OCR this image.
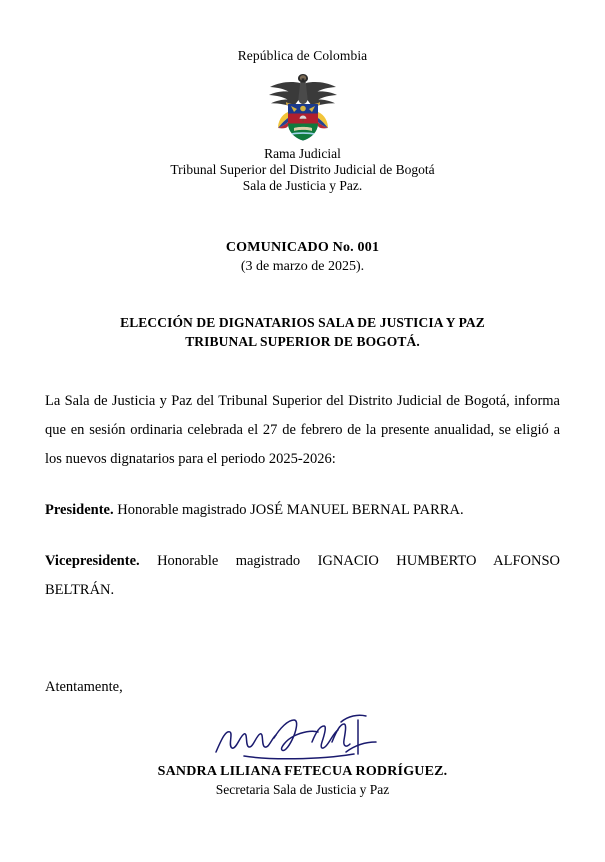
República de Colombia
Rama Judicial
Tribunal Superior del Distrito Judicial de Bogotá
Sala de Justicia y Paz.
COMUNICADO No. 001
(3 de marzo de 2025).
ELECCIÓN DE DIGNATARIOS SALA DE JUSTICIA Y PAZ
TRIBUNAL SUPERIOR DE BOGOTÁ.
La Sala de Justicia y Paz del Tribunal Superior del Distrito Judicial de Bogotá, informa que en sesión ordinaria celebrada el 27 de febrero de la presente anualidad, se eligió a los nuevos dignatarios para el periodo 2025-2026:
Presidente. Honorable magistrado JOSÉ MANUEL BERNAL PARRA.
Vicepresidente. Honorable magistrado IGNACIO HUMBERTO ALFONSO BELTRÁN.
Atentamente,
SANDRA LILIANA FETECUA RODRÍGUEZ.
Secretaria Sala de Justicia y Paz
